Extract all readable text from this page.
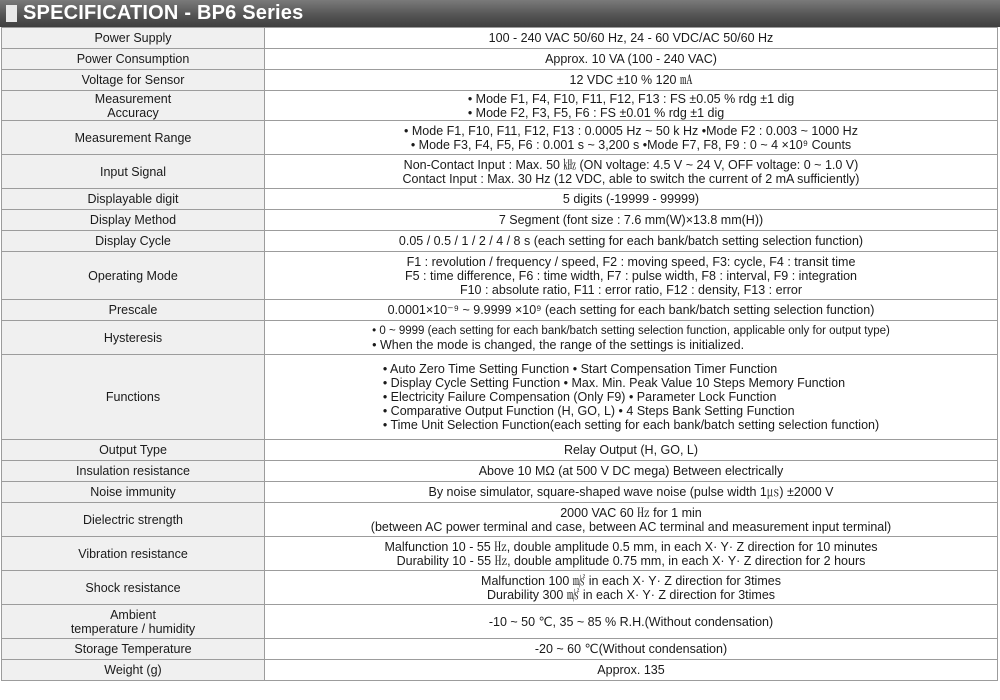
SPECIFICATION - BP6 Series
Power Supply	100 - 240 VAC 50/60 Hz, 24 - 60 VDC/AC 50/60 Hz

Power Consumption	Approx. 10 VA (100 - 240 VAC)

Voltage for Sensor	12 VDC ±10 % 120 ㎃

Measurement
Accuracy	• Mode F1, F4, F10, F11, F12, F13 : FS ±0.05 % rdg ±1 dig
• Mode F2, F3, F5, F6 : FS ±0.01 % rdg ±1 dig

Measurement Range	• Mode F1, F10, F11, F12, F13 : 0.0005 Hz ~ 50 k Hz •Mode F2 : 0.003 ~ 1000 Hz
• Mode F3, F4, F5, F6 : 0.001 s ~ 3,200 s •Mode F7, F8, F9 : 0 ~ 4 ×10⁹ Counts

Input Signal	Non-Contact Input : Max. 50 ㎑ (ON voltage: 4.5 V ~ 24 V, OFF voltage: 0 ~ 1.0 V)
Contact Input : Max. 30 Hz (12 VDC, able to switch the current of 2 mA sufficiently)

Displayable digit	5 digits (-19999 - 99999)

Display Method	7 Segment (font size : 7.6 mm(W)×13.8 mm(H))

Display Cycle	0.05 / 0.5 / 1 / 2 / 4 / 8 s (each setting for each bank/batch setting selection function)

Operating Mode	F1 : revolution / frequency / speed, F2 : moving speed, F3: cycle, F4 : transit time
F5 : time difference, F6 : time width, F7 : pulse width, F8 : interval, F9 : integration
F10 : absolute ratio, F11 : error ratio, F12 : density, F13 : error

Prescale	0.0001×10⁻⁹ ~ 9.9999 ×10⁹ (each setting for each bank/batch setting selection function)

Hysteresis	• 0 ~ 9999 (each setting for each bank/batch setting selection function, applicable only for output type)
• When the mode is changed, the range of the settings is initialized.

Functions	• Auto Zero Time Setting Function • Start Compensation Timer Function
• Display Cycle Setting Function • Max. Min. Peak Value 10 Steps Memory Function
• Electricity Failure Compensation (Only F9) • Parameter Lock Function
• Comparative Output Function (H, GO, L) • 4 Steps Bank Setting Function
• Time Unit Selection Function(each setting for each bank/batch setting selection function)

Output Type	Relay Output (H, GO, L)

Insulation resistance	Above 10 MΩ (at 500 V DC mega) Between electrically

Noise immunity	By noise simulator, square-shaped wave noise (pulse width 1㎲) ±2000 V

Dielectric strength	2000 VAC 60 ㎐ for 1 min
(between AC power terminal and case, between AC terminal and measurement input terminal)

Vibration resistance	Malfunction 10 - 55 ㎐, double amplitude 0.5 mm, in each X· Y· Z direction for 10 minutes
Durability 10 - 55 ㎐, double amplitude 0.75 mm, in each X· Y· Z direction for 2 hours

Shock resistance	Malfunction 100 ㎨ in each X· Y· Z direction for 3times
Durability 300 ㎨ in each X· Y· Z direction for 3times

Ambient
temperature / humidity	-10 ~ 50 ℃, 35 ~ 85 % R.H.(Without condensation)

Storage Temperature	-20 ~ 60 ℃(Without condensation)

Weight (g)	Approx. 135
